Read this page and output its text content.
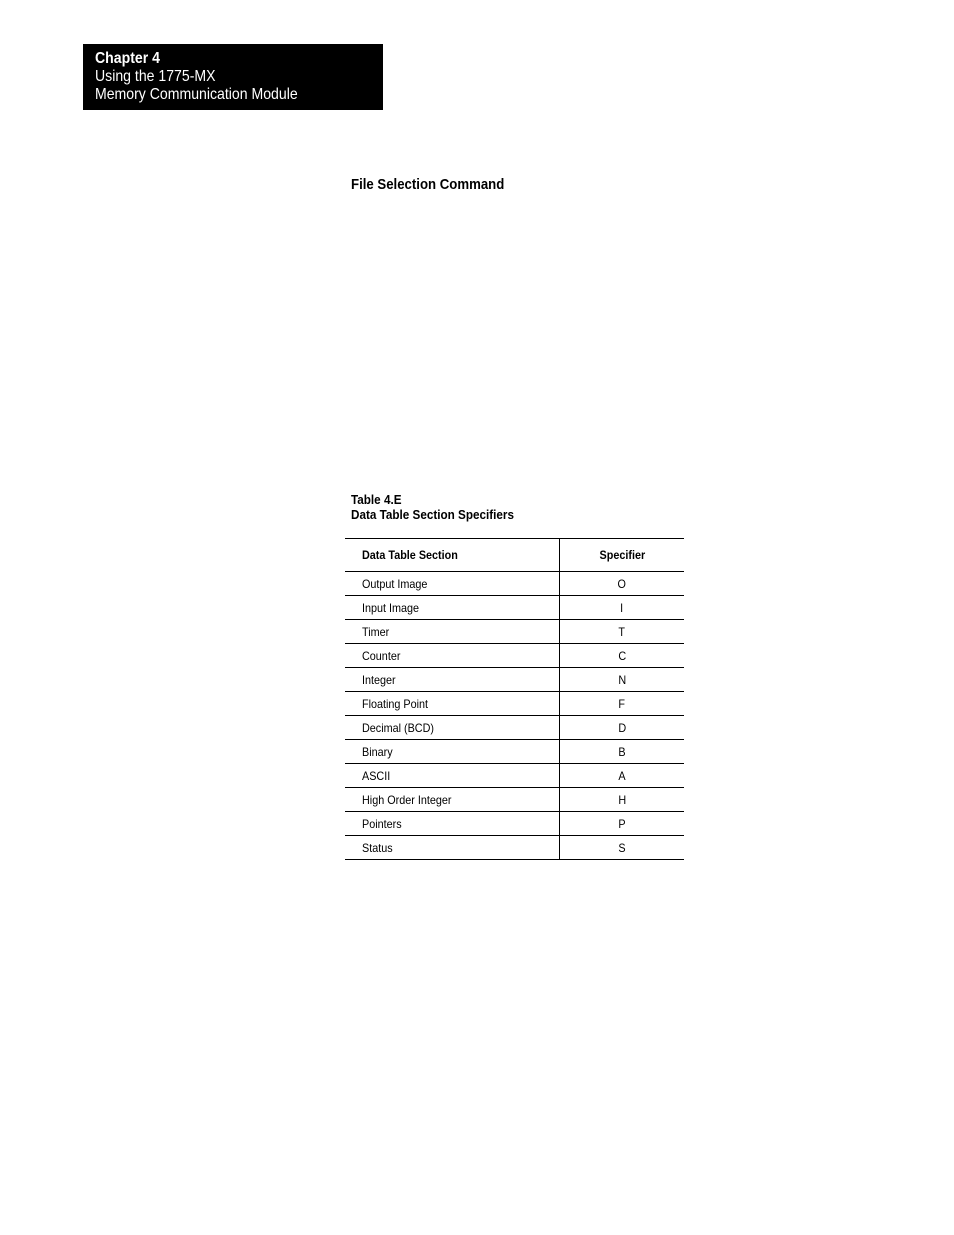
Chapter 4
Using the 1775-MX
Memory Communication Module
File Selection Command
Table 4.E
Data Table Section Specifiers
Data Table Section	Specifier
Output Image	O
Input Image	I
Timer	T
Counter	C
Integer	N
Floating Point	F
Decimal (BCD)	D
Binary	B
ASCII	A
High Order Integer	H
Pointers	P
Status	S
